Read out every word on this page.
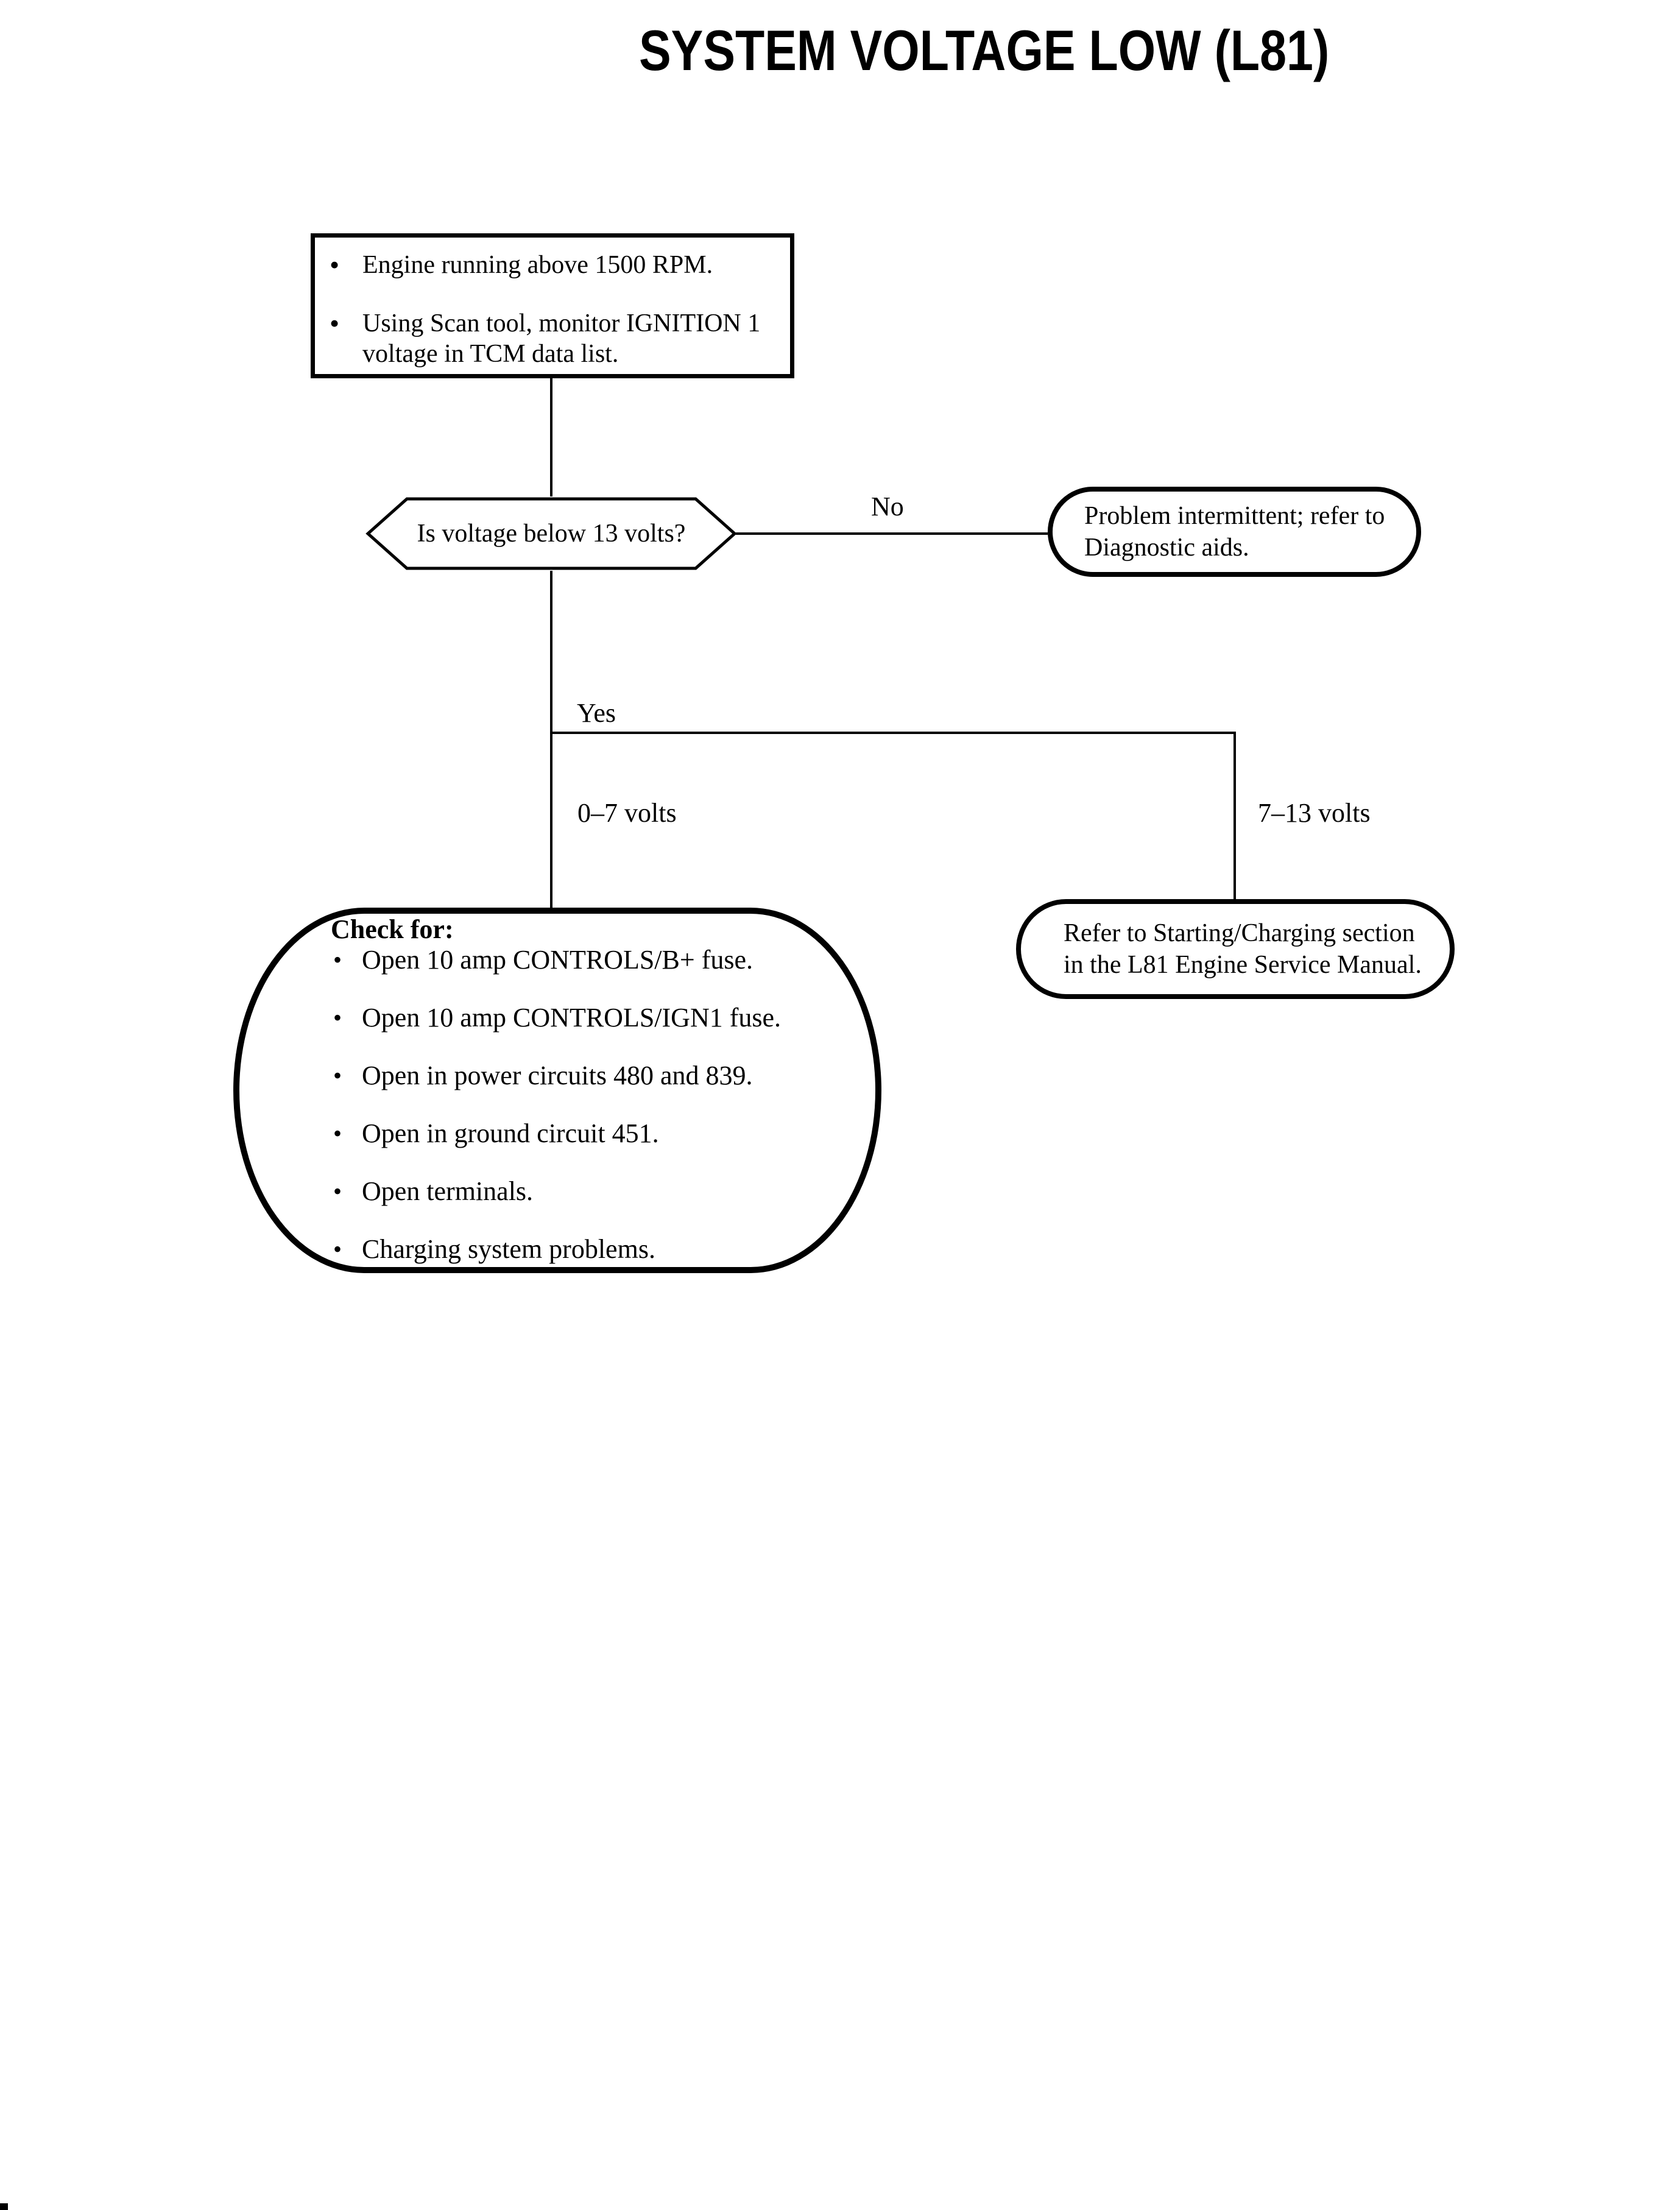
SYSTEM VOLTAGE LOW (L81)
• Engine running above 1500 RPM.
• Using Scan tool, monitor IGNITION 1
voltage in TCM data list.
Is voltage below 13 volts?
No	Problem intermittent; refer to
Diagnostic aids.
Yes
0–7 volts	7–13 volts
Refer to Starting/Charging section
in the L81 Engine Service Manual.
Check for:
• Open 10 amp CONTROLS/B+ fuse.
• Open 10 amp CONTROLS/IGN1 fuse.
• Open in power circuits 480 and 839.
• Open in ground circuit 451.
• Open terminals.
• Charging system problems.
